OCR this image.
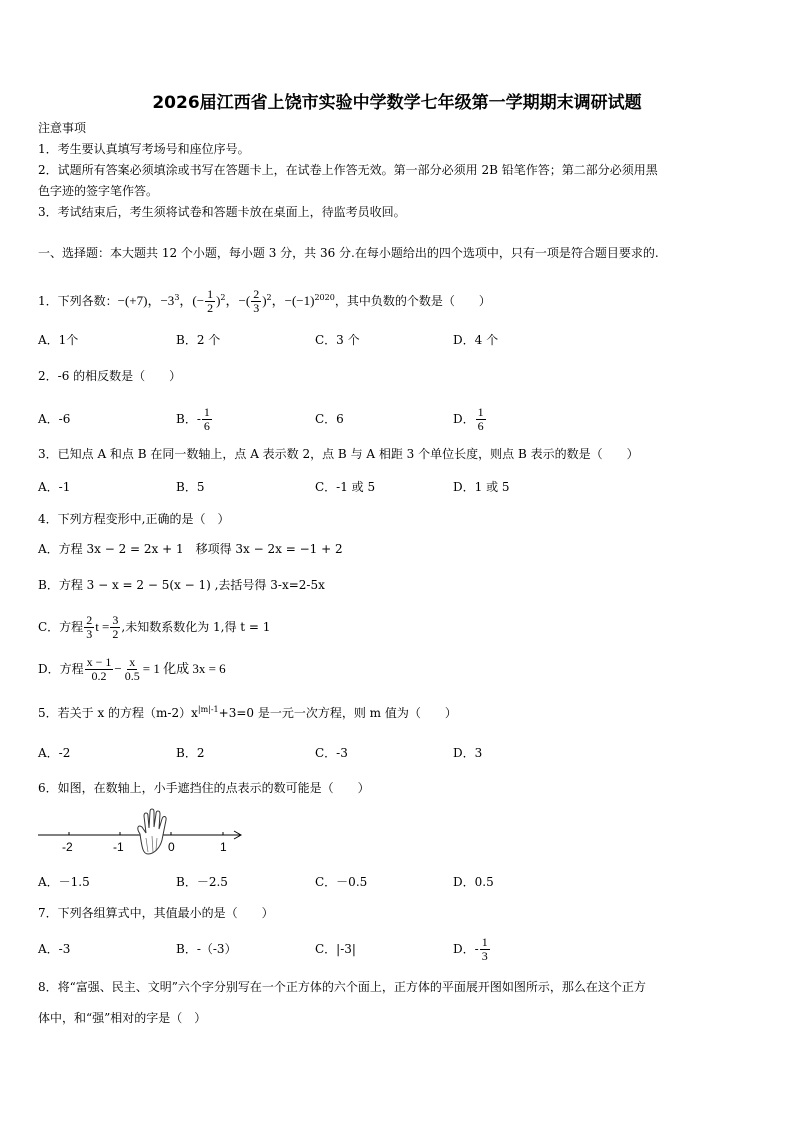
2026届江西省上饶市实验中学数学七年级第一学期期末调研试题
注意事项
1．考生要认真填写考场号和座位序号。
2．试题所有答案必须填涂或书写在答题卡上，在试卷上作答无效。第一部分必须用 2B 铅笔作答；第二部分必须用黑
色字迹的签字笔作答。
3．考试结束后，考生须将试卷和答题卡放在桌面上，待监考员收回。
一、选择题：本大题共 12 个小题，每小题 3 分，共 36 分.在每小题给出的四个选项中，只有一项是符合题目要求的.
1．下列各数：−(+7)，$-3^3$，(− $\frac{1}{2} )^2$，−( $\frac{2}{3} )^2$，$-(-1)^{2020}$，其中负数的个数是（　　）
A．1个	B．2 个	C．3 个	D．4 个
2．-6 的相反数是（　　）
A．-6	B．- $\frac{1}{6}$	C．6	D． $\frac{1}{6}$
3．已知点 A 和点 B 在同一数轴上，点 A 表示数 2，点 B 与 A 相距 3 个单位长度，则点 B 表示的数是（　　）
A．-1	B．5	C．-1 或 5	D．1 或 5
4．下列方程变形中,正确的是（　）
A．方程 3x − 2 = 2x + 1　移项得 3x − 2x = −1 + 2
B．方程 3 − x = 2 − 5(x − 1) ,去括号得 3-x=2-5x
C．方程 $\frac{2}{3}$ $t = \frac{3}{2}$ ,未知数系数化为 1,得 t = 1
D．方程 $\frac{x - 1}{0.2} - \frac{x}{0.5} = 1$ 化成 3x = 6
5．若关于 x 的方程$(m-2)x^{|m|-1}+3=0$ 是一元一次方程，则 m 值为（　　）
A．-2	B．2	C．-3	D．3
6．如图，在数轴上，小手遮挡住的点表示的数可能是（　　）
-2	-1	0	1
A．－1.5	B．－2.5	C．－0.5	D．0.5
7．下列各组算式中，其值最小的是（　　）
A．-3	B．-（-3）	C．|-3|	D．- $\frac{1}{3}$
8．将“富强、民主、文明”六个字分别写在一个正方体的六个面上，正方体的平面展开图如图所示，那么在这个正方
体中，和“强”相对的字是（　）
